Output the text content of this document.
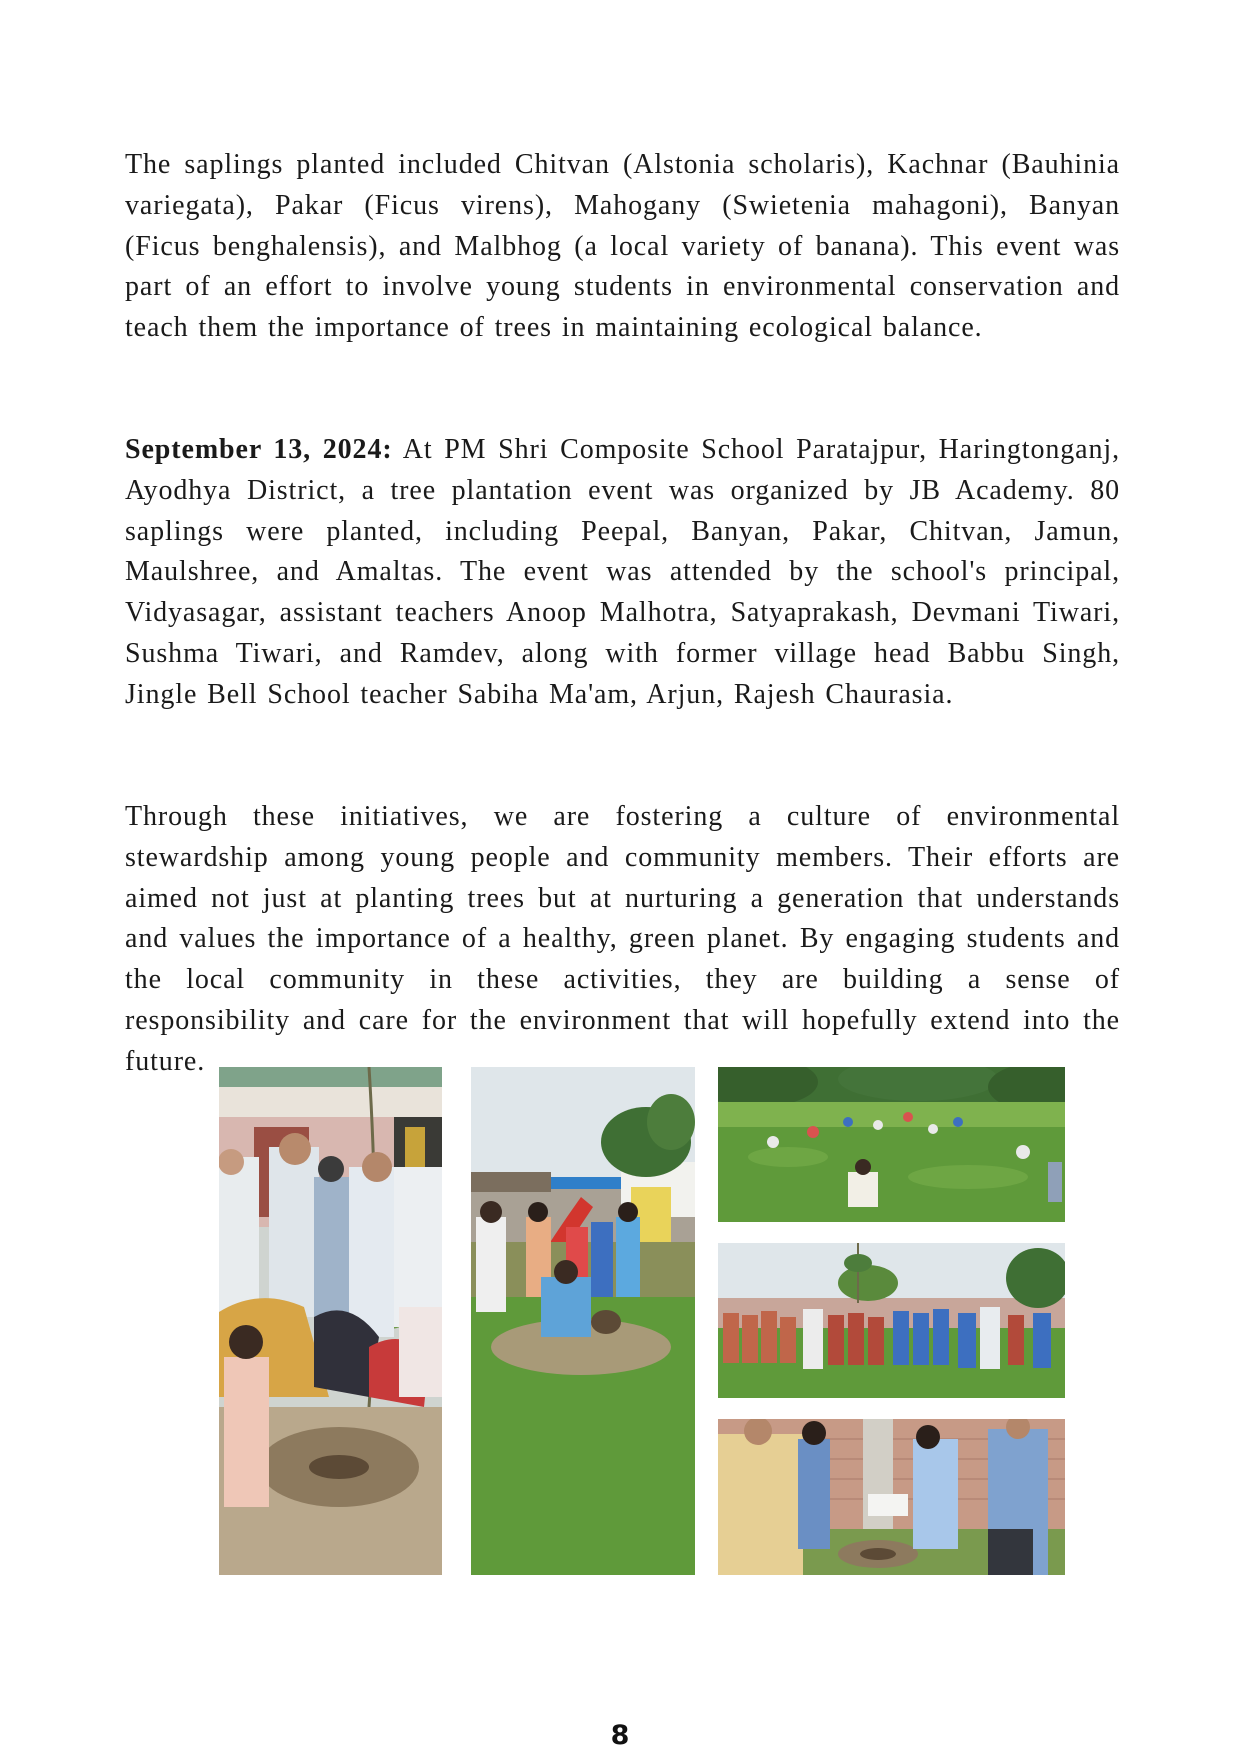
The saplings planted included Chitvan (Alstonia scholaris), Kachnar (Bauhinia variegata), Pakar (Ficus virens), Mahogany (Swietenia mahagoni), Banyan (Ficus benghalensis), and Malbhog (a local variety of banana). This event was part of an effort to involve young students in environmental conservation and teach them the importance of trees in maintaining ecological balance.

September 13, 2024: At PM Shri Composite School Paratajpur, Haringtonganj, Ayodhya District, a tree plantation event was organized by JB Academy. 80 saplings were planted, including Peepal, Banyan, Pakar, Chitvan, Jamun, Maulshree, and Amaltas. The event was attended by the school's principal, Vidyasagar, assistant teachers Anoop Malhotra, Satyaprakash, Devmani Tiwari, Sushma Tiwari, and Ramdev, along with former village head Babbu Singh, Jingle Bell School teacher Sabiha Ma'am, Arjun, Rajesh Chaurasia.

Through these initiatives, we are fostering a culture of environmental stewardship among young people and community members. Their efforts are aimed not just at planting trees but at nurturing a generation that understands and values the importance of a healthy, green planet. By engaging students and the local community in these activities, they are building a sense of responsibility and care for the environment that will hopefully extend into the future.

8
